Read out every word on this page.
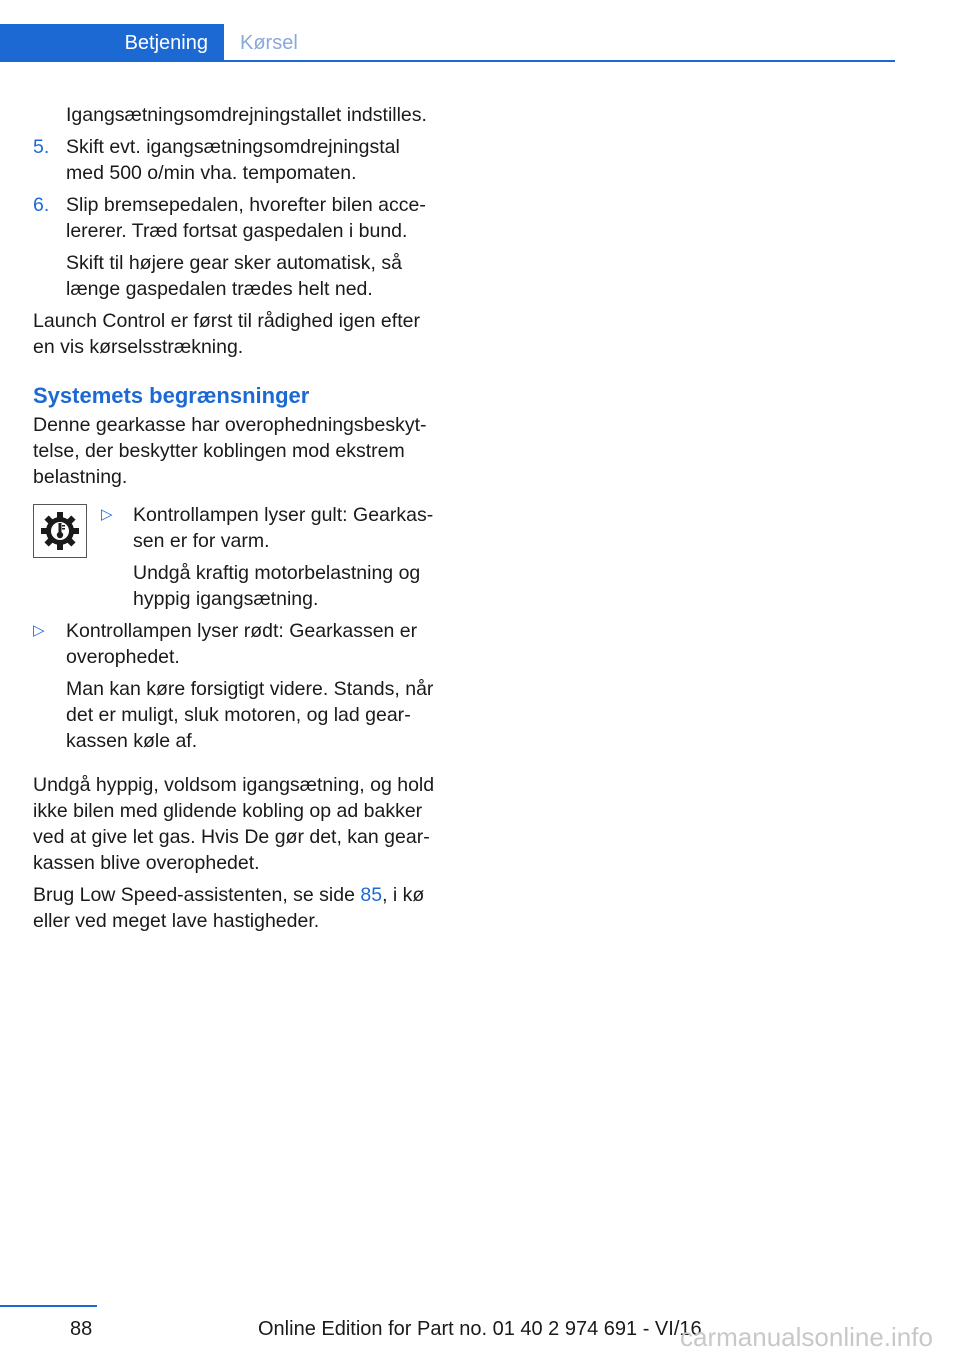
Betjening	Kørsel

Igangsætningsomdrejningstallet indstilles.

5. Skift evt. igangsætningsomdrejningstal med 500 o/min vha. tempomaten.
6. Slip bremsepedalen, hvorefter bilen accelererer. Træd fortsat gaspedalen i bund.

Skift til højere gear sker automatisk, så længe gaspedalen trædes helt ned.

Launch Control er først til rådighed igen efter en vis kørselsstrækning.

Systemets begrænsninger

Denne gearkasse har overophedningsbeskyttelse, der beskytter koblingen mod ekstrem belastning.

▷	Kontrollampen lyser gult: Gearkassen er for varm.

Undgå kraftig motorbelastning og hyppig igangsætning.

▷	Kontrollampen lyser rødt: Gearkassen er overophedet.

Man kan køre forsigtigt videre. Stands, når det er muligt, sluk motoren, og lad gearkassen køle af.

Undgå hyppig, voldsom igangsætning, og hold ikke bilen med glidende kobling op ad bakker ved at give let gas. Hvis De gør det, kan gearkassen blive overophedet.

Brug Low Speed-assistenten, se side 85, i kø eller ved meget lave hastigheder.

88	Online Edition for Part no. 01 40 2 974 691 - VI/16
carmanualsonline.info
